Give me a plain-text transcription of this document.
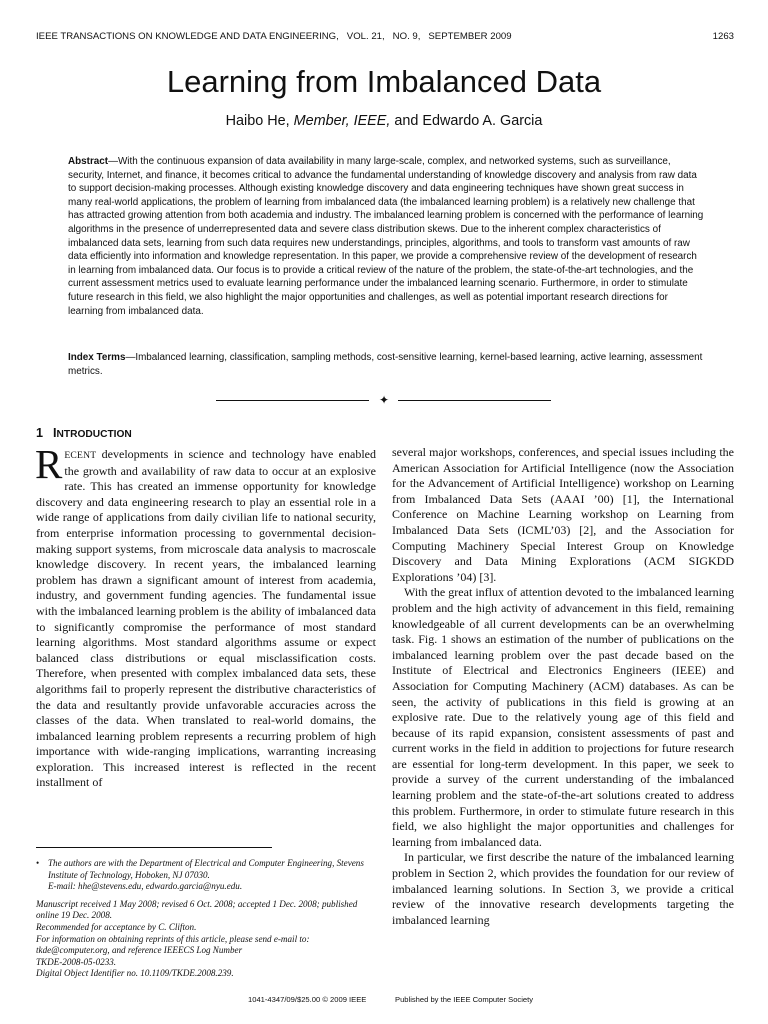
IEEE TRANSACTIONS ON KNOWLEDGE AND DATA ENGINEERING, VOL. 21, NO. 9, SEPTEMBER 2009	1263
Learning from Imbalanced Data
Haibo He, Member, IEEE, and Edwardo A. Garcia

Abstract—With the continuous expansion of data availability in many large-scale, complex, and networked systems, such as surveillance, security, Internet, and finance, it becomes critical to advance the fundamental understanding of knowledge discovery and analysis from raw data to support decision-making processes. Although existing knowledge discovery and data engineering techniques have shown great success in many real-world applications, the problem of learning from imbalanced data (the imbalanced learning problem) is a relatively new challenge that has attracted growing attention from both academia and industry. The imbalanced learning problem is concerned with the performance of learning algorithms in the presence of underrepresented data and severe class distribution skews. Due to the inherent complex characteristics of imbalanced data sets, learning from such data requires new understandings, principles, algorithms, and tools to transform vast amounts of raw data efficiently into information and knowledge representation. In this paper, we provide a comprehensive review of the development of research in learning from imbalanced data. Our focus is to provide a critical review of the nature of the problem, the state-of-the-art technologies, and the current assessment metrics used to evaluate learning performance under the imbalanced learning scenario. Furthermore, in order to stimulate future research in this field, we also highlight the major opportunities and challenges, as well as potential important research directions for learning from imbalanced data.

Index Terms—Imbalanced learning, classification, sampling methods, cost-sensitive learning, kernel-based learning, active learning, assessment metrics.

✦
1 INTRODUCTION

RECENT developments in science and technology have enabled the growth and availability of raw data to occur at an explosive rate. This has created an immense opportunity for knowledge discovery and data engineering research to play an essential role in a wide range of applications from daily civilian life to national security, from enterprise information processing to governmental decision-making support systems, from microscale data analysis to macroscale knowledge discovery. In recent years, the imbalanced learning problem has drawn a significant amount of interest from academia, industry, and government funding agencies. The fundamental issue with the imbalanced learning problem is the ability of imbalanced data to significantly compromise the performance of most standard learning algorithms. Most standard algorithms assume or expect balanced class distributions or equal misclassification costs. Therefore, when presented with complex imbalanced data sets, these algorithms fail to properly represent the distributive characteristics of the data and resultantly provide unfavorable accuracies across the classes of the data. When translated to real-world domains, the imbalanced learning problem represents a recurring problem of high importance with wide-ranging implications, warranting increasing exploration. This increased interest is reflected in the recent installment of

• The authors are with the Department of Electrical and Computer Engineering, Stevens Institute of Technology, Hoboken, NJ 07030.
E-mail: hhe@stevens.edu, edwardo.garcia@nyu.edu.

Manuscript received 1 May 2008; revised 6 Oct. 2008; accepted 1 Dec. 2008; published online 19 Dec. 2008.

Recommended for acceptance by C. Clifton.

For information on obtaining reprints of this article, please send e-mail to: tkde@computer.org, and reference IEEECS Log Number

TKDE-2008-05-0233.

Digital Object Identifier no. 10.1109/TKDE.2008.239.

several major workshops, conferences, and special issues including the American Association for Artificial Intelligence (now the Association for the Advancement of Artificial Intelligence) workshop on Learning from Imbalanced Data Sets (AAAI ’00) [1], the International Conference on Machine Learning workshop on Learning from Imbalanced Data Sets (ICML’03) [2], and the Association for Computing Machinery Special Interest Group on Knowledge Discovery and Data Mining Explorations (ACM SIGKDD Explorations ’04) [3].

With the great influx of attention devoted to the imbalanced learning problem and the high activity of advancement in this field, remaining knowledgeable of all current developments can be an overwhelming task. Fig. 1 shows an estimation of the number of publications on the imbalanced learning problem over the past decade based on the Institute of Electrical and Electronics Engineers (IEEE) and Association for Computing Machinery (ACM) databases. As can be seen, the activity of publications in this field is growing at an explosive rate. Due to the relatively young age of this field and because of its rapid expansion, consistent assessments of past and current works in the field in addition to projections for future research are essential for long-term development. In this paper, we seek to provide a survey of the current understanding of the imbalanced learning problem and the state-of-the-art solutions created to address this problem. Furthermore, in order to stimulate future research in this field, we also highlight the major opportunities and challenges for learning from imbalanced data.

In particular, we first describe the nature of the imbalanced learning problem in Section 2, which provides the foundation for our review of imbalanced learning solutions. In Section 3, we provide a critical review of the innovative research developments targeting the imbalanced learning

1041-4347/09/$25.00 © 2009 IEEE	Published by the IEEE Computer Society
